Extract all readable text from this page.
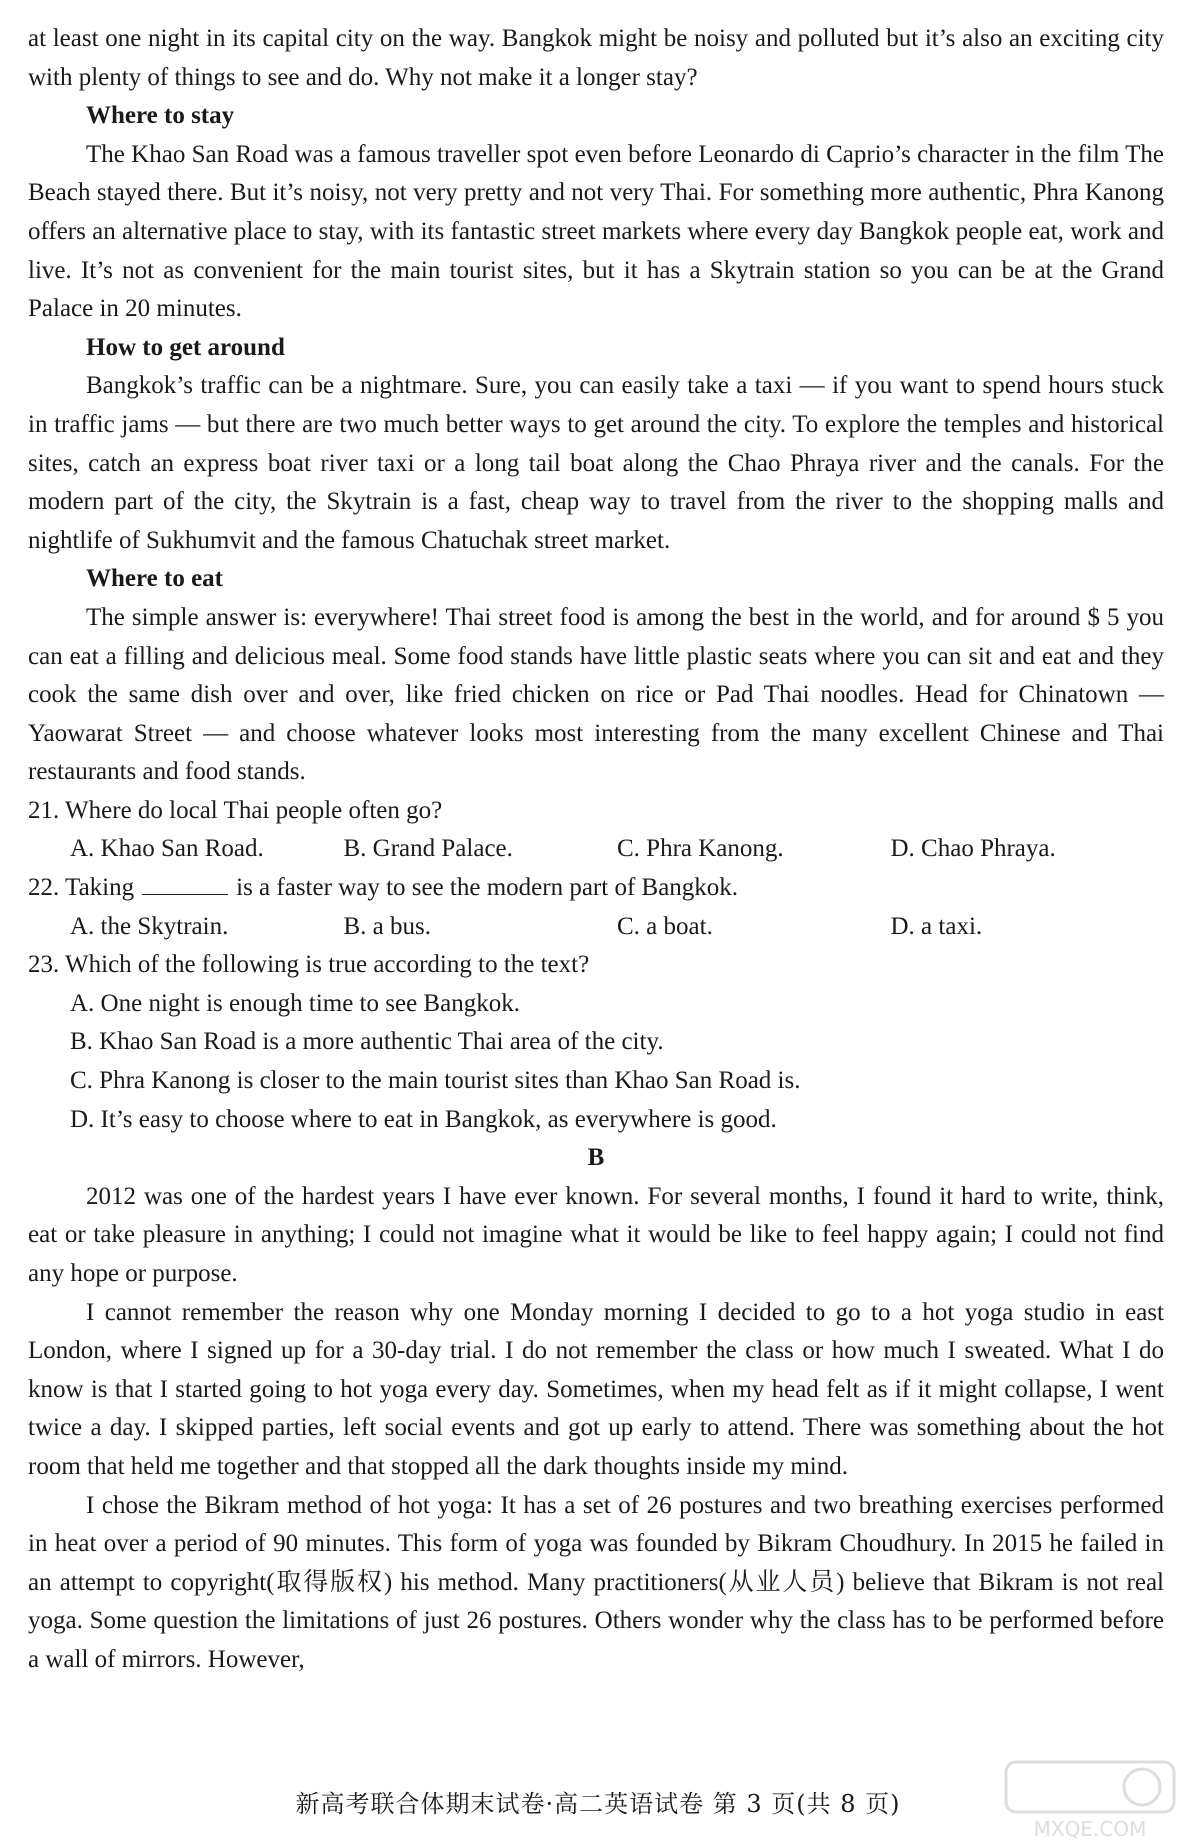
at least one night in its capital city on the way. Bangkok might be noisy and polluted but it’s also an exciting city with plenty of things to see and do. Why not make it a longer stay?

Where to stay

The Khao San Road was a famous traveller spot even before Leonardo di Caprio’s character in the film The Beach stayed there. But it’s noisy, not very pretty and not very Thai. For something more authentic, Phra Kanong offers an alternative place to stay, with its fantastic street markets where every day Bangkok people eat, work and live. It’s not as convenient for the main tourist sites, but it has a Skytrain station so you can be at the Grand Palace in 20 minutes.

How to get around

Bangkok’s traffic can be a nightmare. Sure, you can easily take a taxi — if you want to spend hours stuck in traffic jams — but there are two much better ways to get around the city. To explore the temples and historical sites, catch an express boat river taxi or a long tail boat along the Chao Phraya river and the canals. For the modern part of the city, the Skytrain is a fast, cheap way to travel from the river to the shopping malls and nightlife of Sukhumvit and the famous Chatuchak street market.

Where to eat

The simple answer is: everywhere! Thai street food is among the best in the world, and for around $ 5 you can eat a filling and delicious meal. Some food stands have little plastic seats where you can sit and eat and they cook the same dish over and over, like fried chicken on rice or Pad Thai noodles. Head for Chinatown — Yaowarat Street — and choose whatever looks most interesting from the many excellent Chinese and Thai restaurants and food stands.

21. Where do local Thai people often go?

A. Khao San Road.	B. Grand Palace.	C. Phra Kanong.	D. Chao Phraya.

22. Taking	is a faster way to see the modern part of Bangkok.

A. the Skytrain.	B. a bus.	C. a boat.	D. a taxi.

23. Which of the following is true according to the text?

A. One night is enough time to see Bangkok.

B. Khao San Road is a more authentic Thai area of the city.

C. Phra Kanong is closer to the main tourist sites than Khao San Road is.

D. It’s easy to choose where to eat in Bangkok, as everywhere is good.

B

2012 was one of the hardest years I have ever known. For several months, I found it hard to write, think, eat or take pleasure in anything; I could not imagine what it would be like to feel happy again; I could not find any hope or purpose.

I cannot remember the reason why one Monday morning I decided to go to a hot yoga studio in east London, where I signed up for a 30-day trial. I do not remember the class or how much I sweated. What I do know is that I started going to hot yoga every day. Sometimes, when my head felt as if it might collapse, I went twice a day. I skipped parties, left social events and got up early to attend. There was something about the hot room that held me together and that stopped all the dark thoughts inside my mind.

I chose the Bikram method of hot yoga: It has a set of 26 postures and two breathing exercises performed in heat over a period of 90 minutes. This form of yoga was founded by Bikram Choudhury. In 2015 he failed in an attempt to copyright(取得版权) his method. Many practitioners(从业人员) believe that Bikram is not real yoga. Some question the limitations of just 26 postures. Others wonder why the class has to be performed before a wall of mirrors. However,

新高考联合体期末试卷·高二英语试卷 第 3 页(共 8 页)
MXQE.COM
